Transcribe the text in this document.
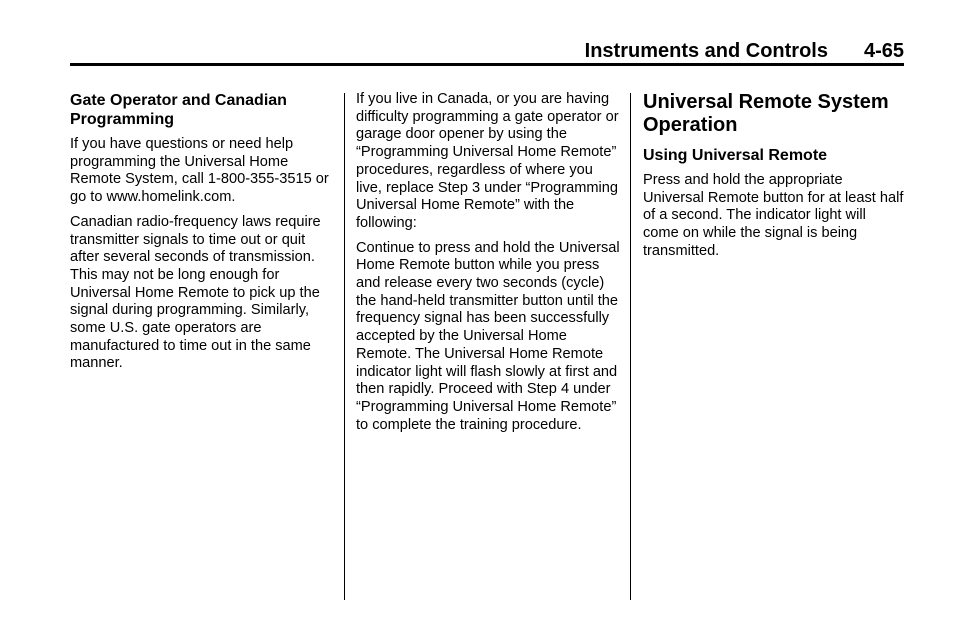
Instruments and Controls 4-65
Gate Operator and Canadian Programming

If you have questions or need help programming the Universal Home Remote System, call 1-800-355-3515 or go to www.homelink.com.

Canadian radio-frequency laws require transmitter signals to time out or quit after several seconds of transmission. This may not be long enough for Universal Home Remote to pick up the signal during programming. Similarly, some U.S. gate operators are manufactured to time out in the same manner.

If you live in Canada, or you are having difficulty programming a gate operator or garage door opener by using the “Programming Universal Home Remote” procedures, regardless of where you live, replace Step 3 under “Programming Universal Home Remote” with the following:

Continue to press and hold the Universal Home Remote button while you press and release every two seconds (cycle) the hand-held transmitter button until the frequency signal has been successfully accepted by the Universal Home Remote. The Universal Home Remote indicator light will flash slowly at first and then rapidly. Proceed with Step 4 under “Programming Universal Home Remote” to complete the training procedure.

Universal Remote System Operation
Using Universal Remote

Press and hold the appropriate Universal Remote button for at least half of a second. The indicator light will come on while the signal is being transmitted.
